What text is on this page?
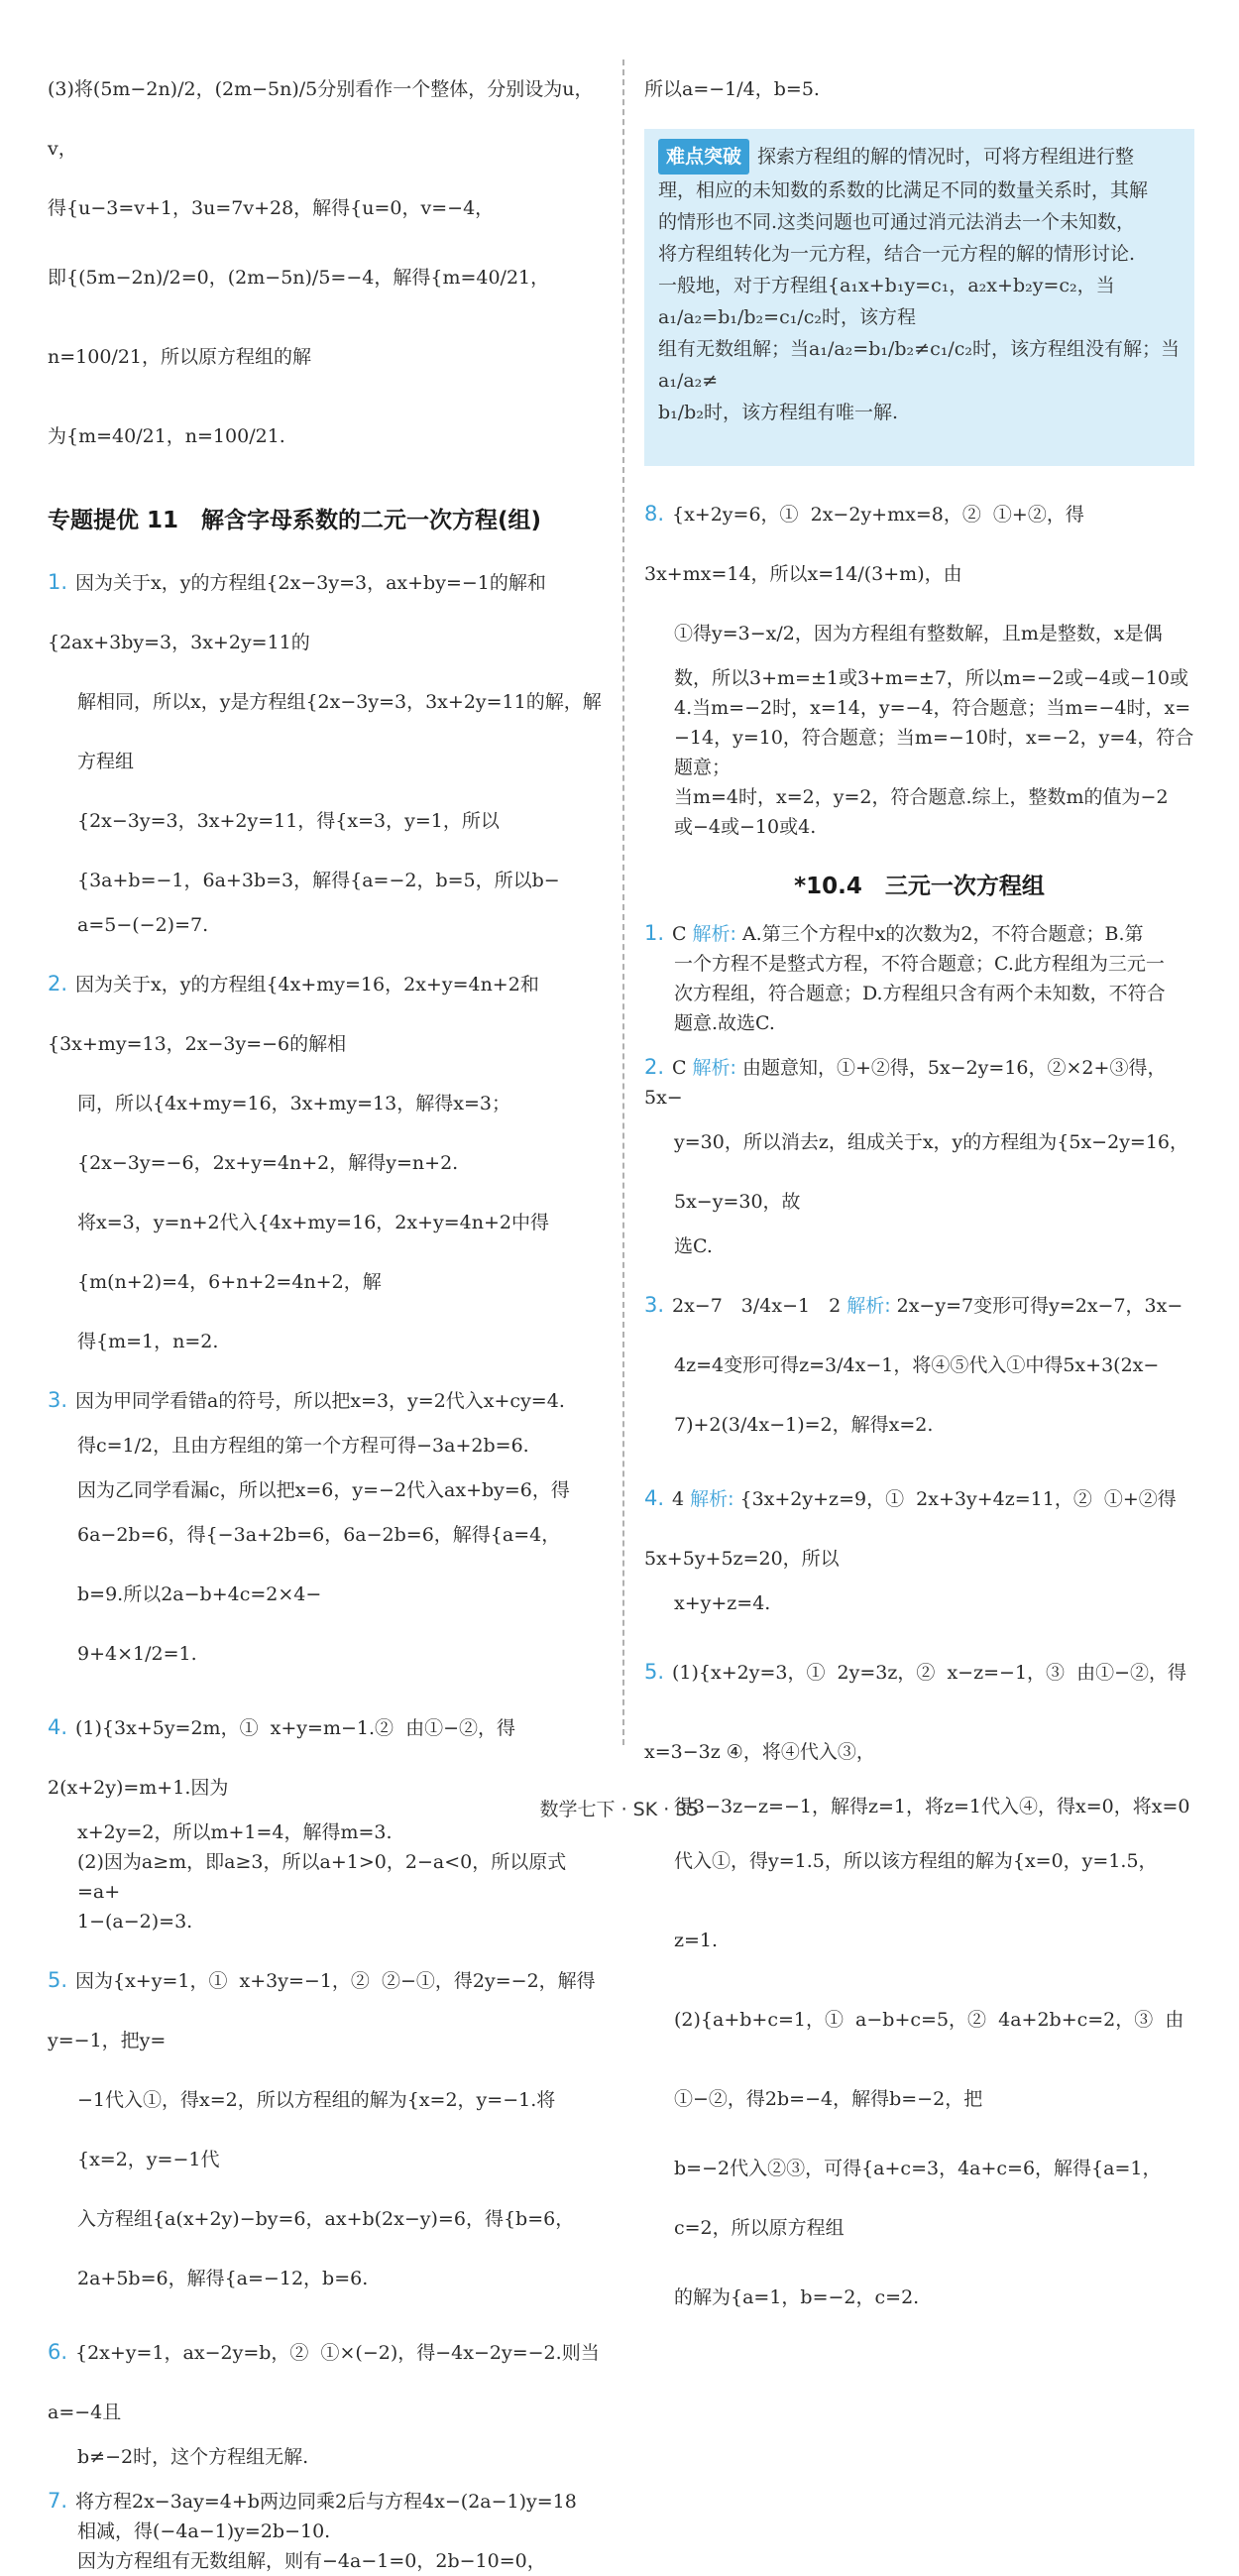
(3)将(5m−2n)/2，(2m−5n)/5分别看作一个整体，分别设为u，v，
得{u−3=v+1，3u=7v+28，解得{u=0，v=−4，
即{(5m−2n)/2=0，(2m−5n)/5=−4，解得{m=40/21，n=100/21，所以原方程组的解
为{m=40/21，n=100/21.
专题提优 11　解含字母系数的二元一次方程(组)
1. 因为关于x，y的方程组{2x−3y=3，ax+by=−1的解和{2ax+3by=3，3x+2y=11的
解相同，所以x，y是方程组{2x−3y=3，3x+2y=11的解，解方程组
{2x−3y=3，3x+2y=11，得{x=3，y=1，所以{3a+b=−1，6a+3b=3，解得{a=−2，b=5，所以b−
a=5−(−2)=7.
2. 因为关于x，y的方程组{4x+my=16，2x+y=4n+2和{3x+my=13，2x−3y=−6的解相
同，所以{4x+my=16，3x+my=13，解得x=3；{2x−3y=−6，2x+y=4n+2，解得y=n+2.
将x=3，y=n+2代入{4x+my=16，2x+y=4n+2中得{m(n+2)=4，6+n+2=4n+2，解
得{m=1，n=2.
3. 因为甲同学看错a的符号，所以把x=3，y=2代入x+cy=4.
得c=1/2，且由方程组的第一个方程可得−3a+2b=6.
因为乙同学看漏c，所以把x=6，y=−2代入ax+by=6，得
6a−2b=6，得{−3a+2b=6，6a−2b=6，解得{a=4，b=9.所以2a−b+4c=2×4−
9+4×1/2=1.
4. (1){3x+5y=2m，①  x+y=m−1.②  由①−②，得2(x+2y)=m+1.因为
x+2y=2，所以m+1=4，解得m=3.
(2)因为a≥m，即a≥3，所以a+1>0，2−a<0，所以原式=a+
1−(a−2)=3.
5. 因为{x+y=1，①  x+3y=−1，②  ②−①，得2y=−2，解得y=−1，把y=
−1代入①，得x=2，所以方程组的解为{x=2，y=−1.将{x=2，y=−1代
入方程组{a(x+2y)−by=6，ax+b(2x−y)=6，得{b=6，2a+5b=6，解得{a=−12，b=6.
6. {2x+y=1，ax−2y=b，②  ①×(−2)，得−4x−2y=−2.则当a=−4且
b≠−2时，这个方程组无解.
7. 将方程2x−3ay=4+b两边同乘2后与方程4x−(2a−1)y=18
相减，得(−4a−1)y=2b−10.
因为方程组有无数组解，则有−4a−1=0，2b−10=0，
所以a=−1/4，b=5.
难点突破 探索方程组的解的情况时，可将方程组进行整
理，相应的未知数的系数的比满足不同的数量关系时，其解
的情形也不同.这类问题也可通过消元法消去一个未知数，
将方程组转化为一元方程，结合一元方程的解的情形讨论.
一般地，对于方程组{a₁x+b₁y=c₁，a₂x+b₂y=c₂，当a₁/a₂=b₁/b₂=c₁/c₂时，该方程
组有无数组解；当a₁/a₂=b₁/b₂≠c₁/c₂时，该方程组没有解；当a₁/a₂≠
b₁/b₂时，该方程组有唯一解.
8. {x+2y=6，①  2x−2y+mx=8，②  ①+②，得3x+mx=14，所以x=14/(3+m)，由
①得y=3−x/2，因为方程组有整数解，且m是整数，x是偶
数，所以3+m=±1或3+m=±7，所以m=−2或−4或−10或
4.当m=−2时，x=14，y=−4，符合题意；当m=−4时，x=
−14，y=10，符合题意；当m=−10时，x=−2，y=4，符合题意；
当m=4时，x=2，y=2，符合题意.综上，整数m的值为−2
或−4或−10或4.
*10.4　三元一次方程组
1. C 解析: A.第三个方程中x的次数为2，不符合题意；B.第
一个方程不是整式方程，不符合题意；C.此方程组为三元一
次方程组，符合题意；D.方程组只含有两个未知数，不符合
题意.故选C.
2. C 解析: 由题意知，①+②得，5x−2y=16，②×2+③得，5x−
y=30，所以消去z，组成关于x，y的方程组为{5x−2y=16，5x−y=30，故
选C.
3. 2x−7　3/4x−1　2 解析: 2x−y=7变形可得y=2x−7，3x−
4z=4变形可得z=3/4x−1，将④⑤代入①中得5x+3(2x−
7)+2(3/4x−1)=2，解得x=2.
4. 4 解析: {3x+2y+z=9，①  2x+3y+4z=11，②  ①+②得5x+5y+5z=20，所以
x+y+z=4.
5. (1){x+2y=3，①  2y=3z，②  x−z=−1，③  由①−②，得x=3−3z ④，将④代入③，
得3−3z−z=−1，解得z=1，将z=1代入④，得x=0，将x=0
代入①，得y=1.5，所以该方程组的解为{x=0，y=1.5，z=1.
(2){a+b+c=1，①  a−b+c=5，②  4a+2b+c=2，③  由①−②，得2b=−4，解得b=−2，把
b=−2代入②③，可得{a+c=3，4a+c=6，解得{a=1，c=2，所以原方程组
的解为{a=1，b=−2，c=2.
数学七下 · SK · 35
